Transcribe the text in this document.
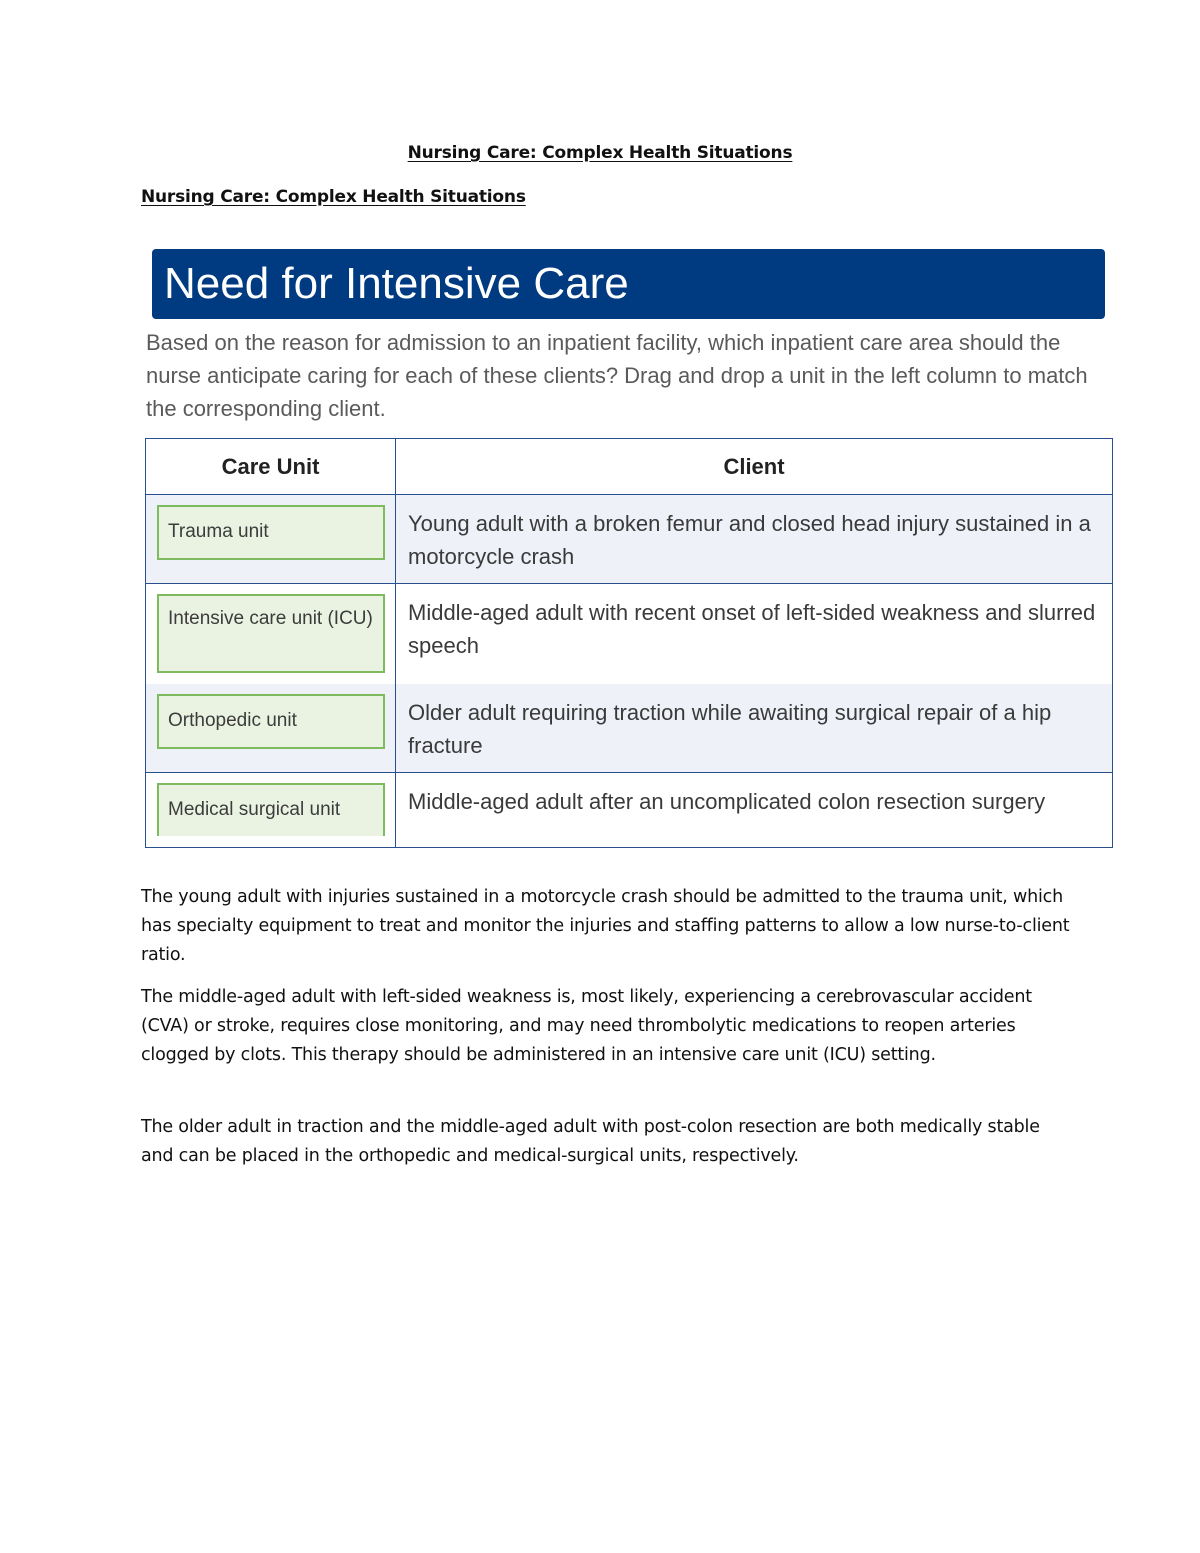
Nursing Care: Complex Health Situations
Nursing Care: Complex Health Situations
Need for Intensive Care
Based on the reason for admission to an inpatient facility, which inpatient care area should the nurse anticipate caring for each of these clients? Drag and drop a unit in the left column to match the corresponding client.
Care Unit	Client

Trauma unit	Young adult with a broken femur and closed head injury sustained in a motorcycle crash

Intensive care unit (ICU)	Middle-aged adult with recent onset of left-sided weakness and slurred speech

Orthopedic unit	Older adult requiring traction while awaiting surgical repair of a hip fracture

Medical surgical unit	Middle-aged adult after an uncomplicated colon resection surgery

The young adult with injuries sustained in a motorcycle crash should be admitted to the trauma unit, which has specialty equipment to treat and monitor the injuries and staffing patterns to allow a low nurse-to-client ratio.

The middle-aged adult with left-sided weakness is, most likely, experiencing a cerebrovascular accident (CVA) or stroke, requires close monitoring, and may need thrombolytic medications to reopen arteries clogged by clots. This therapy should be administered in an intensive care unit (ICU) setting.

The older adult in traction and the middle-aged adult with post-colon resection are both medically stable and can be placed in the orthopedic and medical-surgical units, respectively.
